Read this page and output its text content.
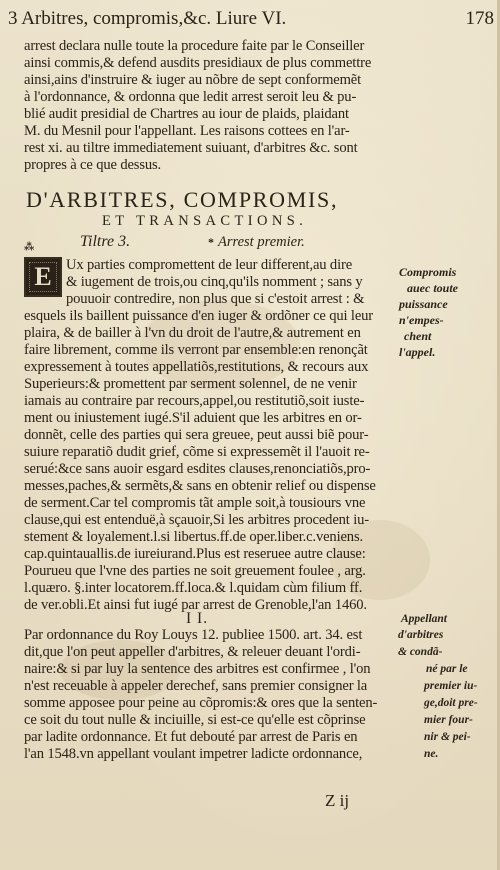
3 Arbitres, compromis,&c. Liure VI.	178
arrest declara nulle toute la procedure faite par le Conseiller
ainsi commis,& defend ausdits presidiaux de plus commettre
ainsi,ains d'instruire & iuger au nõbre de sept conformemẽt
à l'ordonnance, & ordonna que ledit arrest seroit leu & pu-
blié audit presidial de Chartres au iour de plaids, plaidant
M. du Mesnil pour l'appellant. Les raisons cottees en l'ar-
rest xi. au tiltre immediatement suiuant, d'arbitres &c. sont
propres à ce que dessus.
D'ARBITRES, COMPROMIS,
ET TRANSACTIONS.
Tiltre 3.	* Arrest premier.
⁂
E Ux parties compromettent de leur different,au dire
& iugement de trois,ou cinq,qu'ils nomment ; sans y
pouuoir contredire, non plus que si c'estoit arrest : &
esquels ils baillent puissance d'en iuger & ordõner ce qui leur
plaira, & de bailler à l'vn du droit de l'autre,& autrement en
faire librement, comme ils verront par ensemble:en renonçãt
expressement à toutes appellatiõs,restitutions, & recours aux
Superieurs:& promettent par serment solennel, de ne venir
iamais au contraire par recours,appel,ou restitutiõ,soit iuste-
ment ou iniustement iugé.S'il aduient que les arbitres en or-
donnẽt, celle des parties qui sera greuee, peut aussi biẽ pour-
suiure reparatiõ dudit grief, cõme si expressemẽt il l'auoit re-
serué:&ce sans auoir esgard esdites clauses,renonciatiõs,pro-
messes,paches,& sermẽts,& sans en obtenir relief ou dispense
de serment.Car tel compromis tãt ample soit,à tousiours vne
clause,qui est entenduë,à sçauoir,Si les arbitres procedent iu-
stement & loyalement.l.si libertus.ff.de oper.liber.c.veniens.
cap.quintauallis.de iureiurand.Plus est reseruee autre clause:
Pourueu que l'vne des parties ne soit greuement foulee , arg.
l.quæro. §.inter locatorem.ff.loca.& l.quidam cùm filium ff.
de ver.obli.Et ainsi fut iugé par arrest de Grenoble,l'an 1460.
Compromis
auec toute
puissance
n'empes-
chent
l'appel.
I I.	Appellant
Par ordonnance du Roy Louys 12. publiee 1500. art. 34. est
dit,que l'on peut appeller d'arbitres, & releuer deuant l'ordi-
naire:& si par luy la sentence des arbitres est confirmee , l'on
n'est receuable à appeler derechef, sans premier consigner la
somme apposee pour peine au cõpromis:& ores que la senten-
ce soit du tout nulle & inciuille, si est-ce qu'elle est cõprinse
par ladite ordonnance. Et fut debouté par arrest de Paris en
l'an 1548.vn appellant voulant impetrer ladicte ordonnance,
d'arbitres
& condã-
né par le
premier iu-
ge,doit pre-
mier four-
nir & pei-
ne.
Z ij
